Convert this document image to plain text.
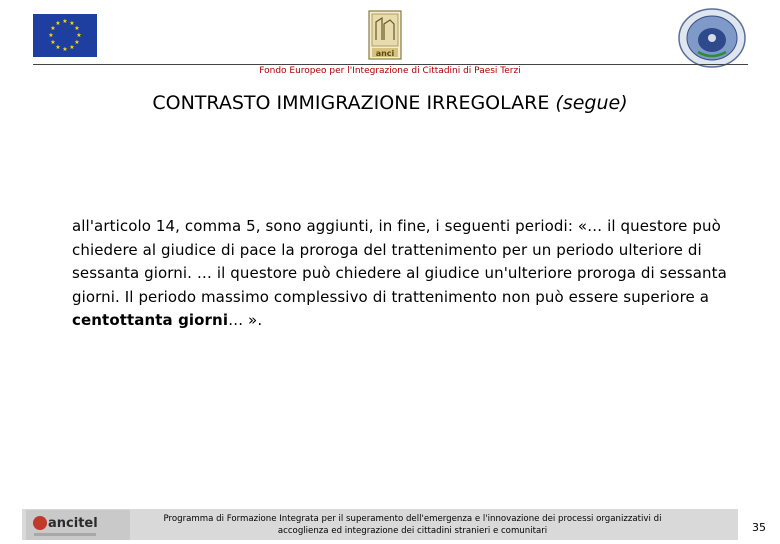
★ ★
★
★
★
★
★
★
★
★
★
★
anci
Fondo Europeo per l'Integrazione di Cittadini di Paesi Terzi
CONTRASTO IMMIGRAZIONE IRREGOLARE (segue)
all'articolo 14, comma 5, sono aggiunti, in fine, i seguenti periodi: «… il questore può chiedere al giudice di pace la proroga del trattenimento per un periodo ulteriore di sessanta giorni. … il questore può chiedere al giudice un'ulteriore proroga di sessanta giorni. Il periodo massimo complessivo di trattenimento non può essere superiore a centottanta giorni… ».
ancitel	Programma di Formazione Integrata per il superamento dell'emergenza e l'innovazione dei processi organizzativi di
accoglienza ed integrazione dei cittadini stranieri e comunitari	35
